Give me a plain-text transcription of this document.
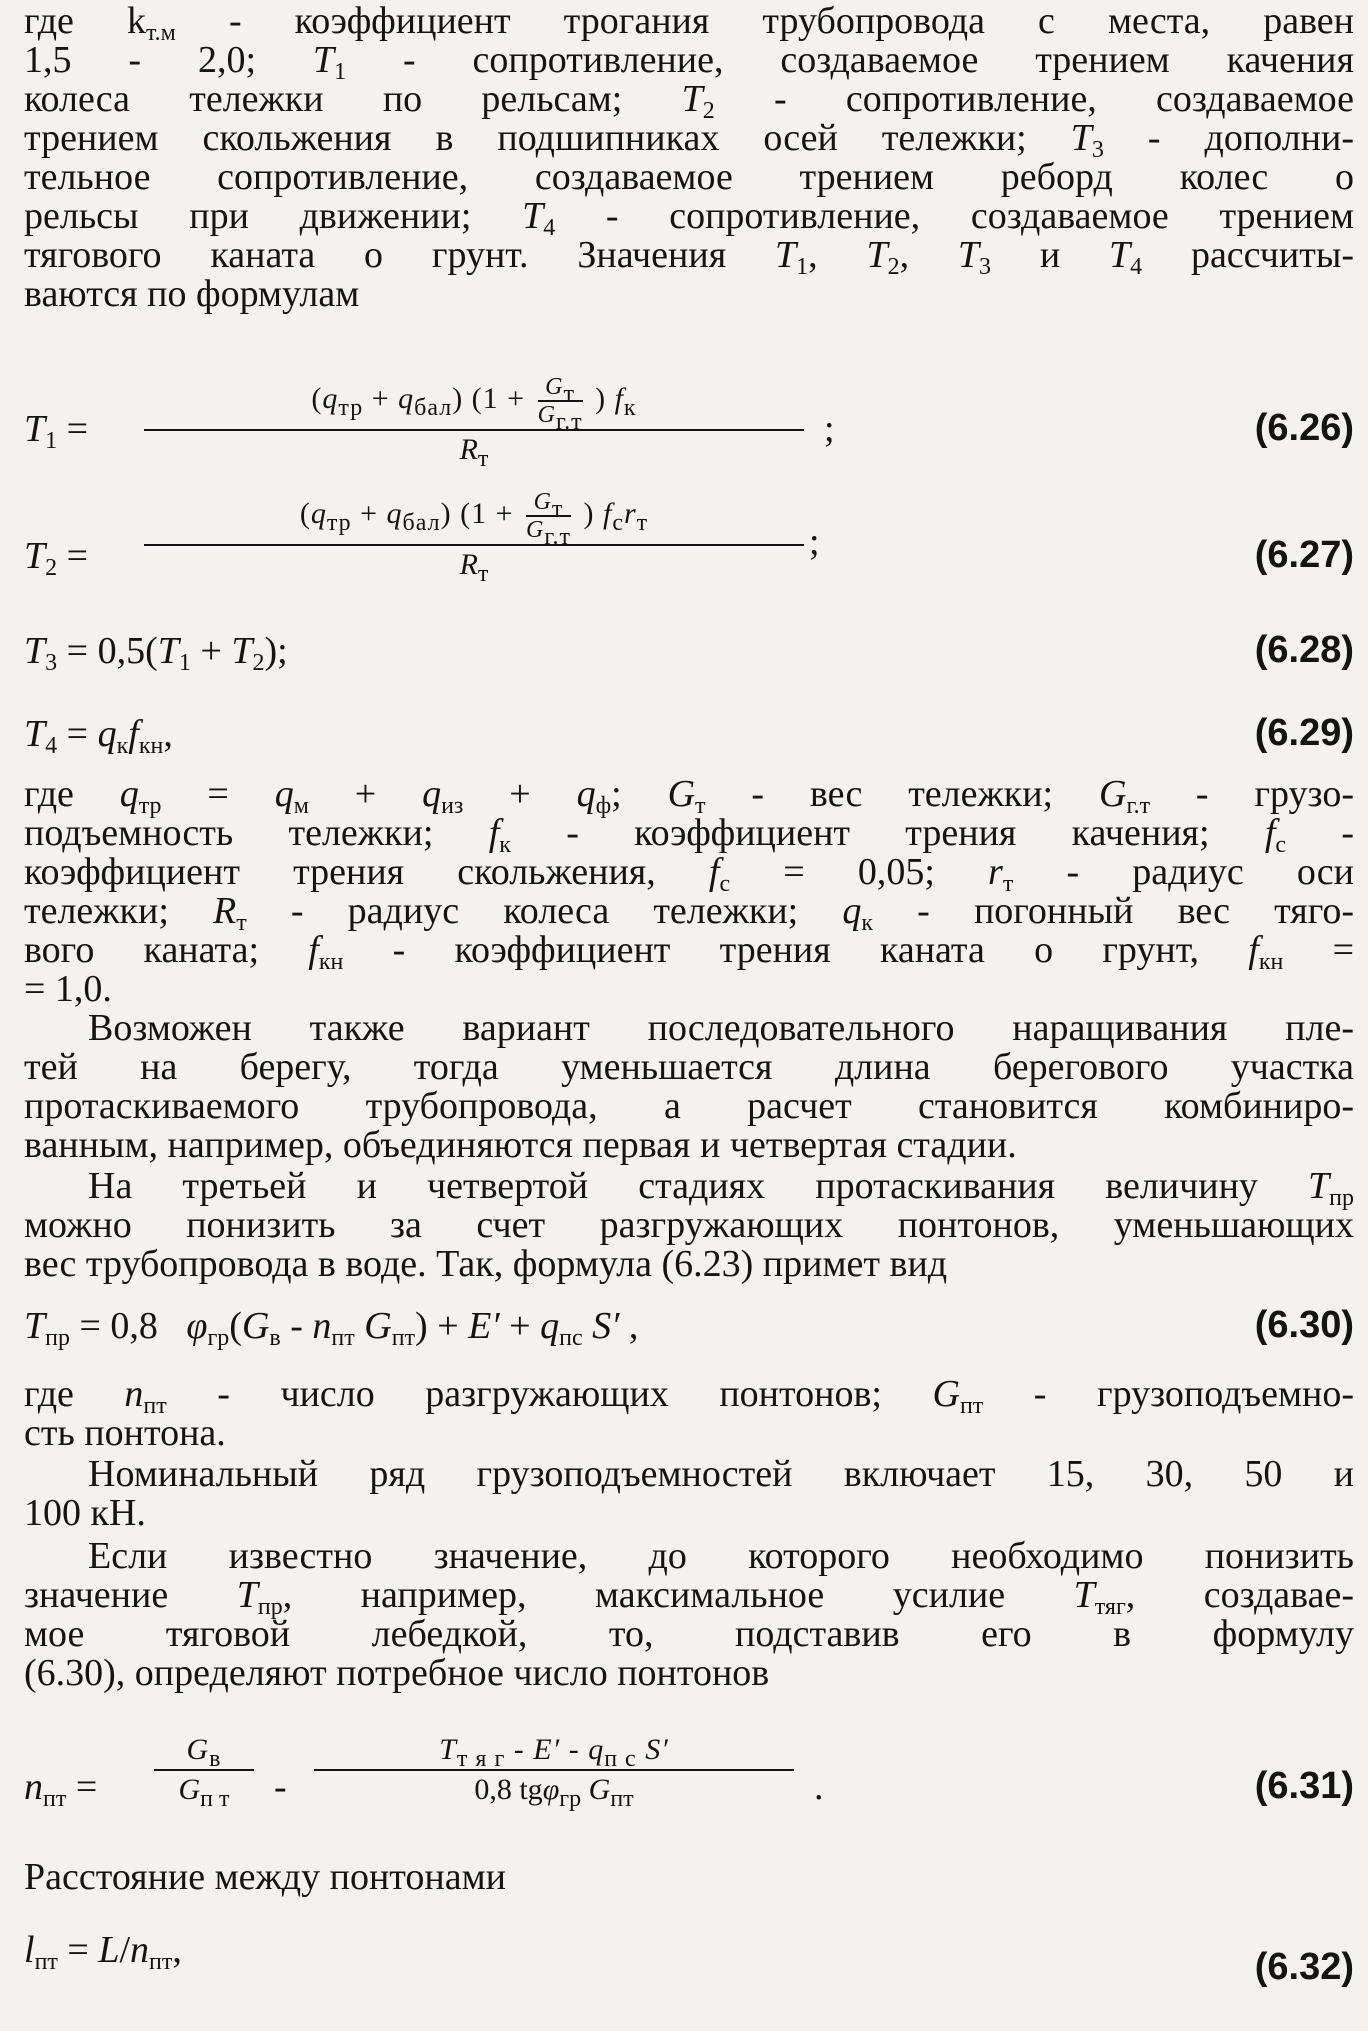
где $k_{т.м}$ - коэффициент трогания трубопровода с места, равен
1,5 - 2,0; $T_1$ - сопротивление, создаваемое трением качения
колеса тележки по рельсам; $T_2$ - сопротивление, создаваемое
трением скольжения в подшипниках осей тележки; $T_3$ - дополни-
тельное сопротивление, создаваемое трением реборд колес о
рельсы при движении; $T_4$ - сопротивление, создаваемое трением
тягового каната о грунт. Значения $T_1$, $T_2$, $T_3$ и $T_4$ рассчиты-
ваются по формулам
$T_1$ =
$(q_{тр} + q_{бал}) (1 + G_т$
$G_{г.т}$
) $f_к$
$R_т$
;	(6.26)
$T_2$ =
$(q_{тр} + q_{бал}) (1 + G_т$
$G_{г.т}$
) $f_сr_т$
$R_т$
;	(6.27)
$T_3 = 0,5(T_1 + T_2)$;	(6.28)
$T_4 = q_кf_{кн}$,	(6.29)
где $q_{тр} = q_м + q_{из} + q_ф$; $G_т$ - вес тележки; $G_{г.т}$ - грузо-
подъемность тележки; $f_к$ - коэффициент трения качения; $f_с$ -
коэффициент трения скольжения, $f_с = 0,05$; $r_т$ - радиус оси
тележки; $R_т$ - радиус колеса тележки; $q_к$ - погонный вес тяго-
вого каната; $f_{кн}$ - коэффициент трения каната о грунт, $f_{кн}$ =
= 1,0.
Возможен также вариант последовательного наращивания пле-
тей на берегу, тогда уменьшается длина берегового участка
протаскиваемого трубопровода, а расчет становится комбиниро-
ванным, например, объединяются первая и четвертая стадии.
На третьей и четвертой стадиях протаскивания величину $T_{пр}$
можно понизить за счет разгружающих понтонов, уменьшающих
вес трубопровода в воде. Так, формула (6.23) примет вид
$T_{пр} = 0,8$   $\varphi_{гр}(G_в - n_{пт}$ $G_{пт}) + E' + q_{пс}$ S′ ,	(6.30)
где $n_{пт}$ - число разгружающих понтонов; $G_{пт}$ - грузоподъемно-
сть понтона.
Номинальный ряд грузоподъемностей включает 15, 30, 50 и
100 кН.
Если известно значение, до которого необходимо понизить
значение $T_{пр}$, например, максимальное усилие $T_{тяг}$, создавае-
мое тяговой лебедкой, то, подставив его в формулу
(6.30), определяют потребное число понтонов
$n_{пт}$ =
$G_в$
$G_{п т}$	-
$T_{т я г} - E' - q_{п с}$ S′
0,8 tgφ$_{гр}$ $G_{пт}$	.	(6.31)
Расстояние между понтонами
$l_{пт} = L/n_{пт}$,	(6.32)
